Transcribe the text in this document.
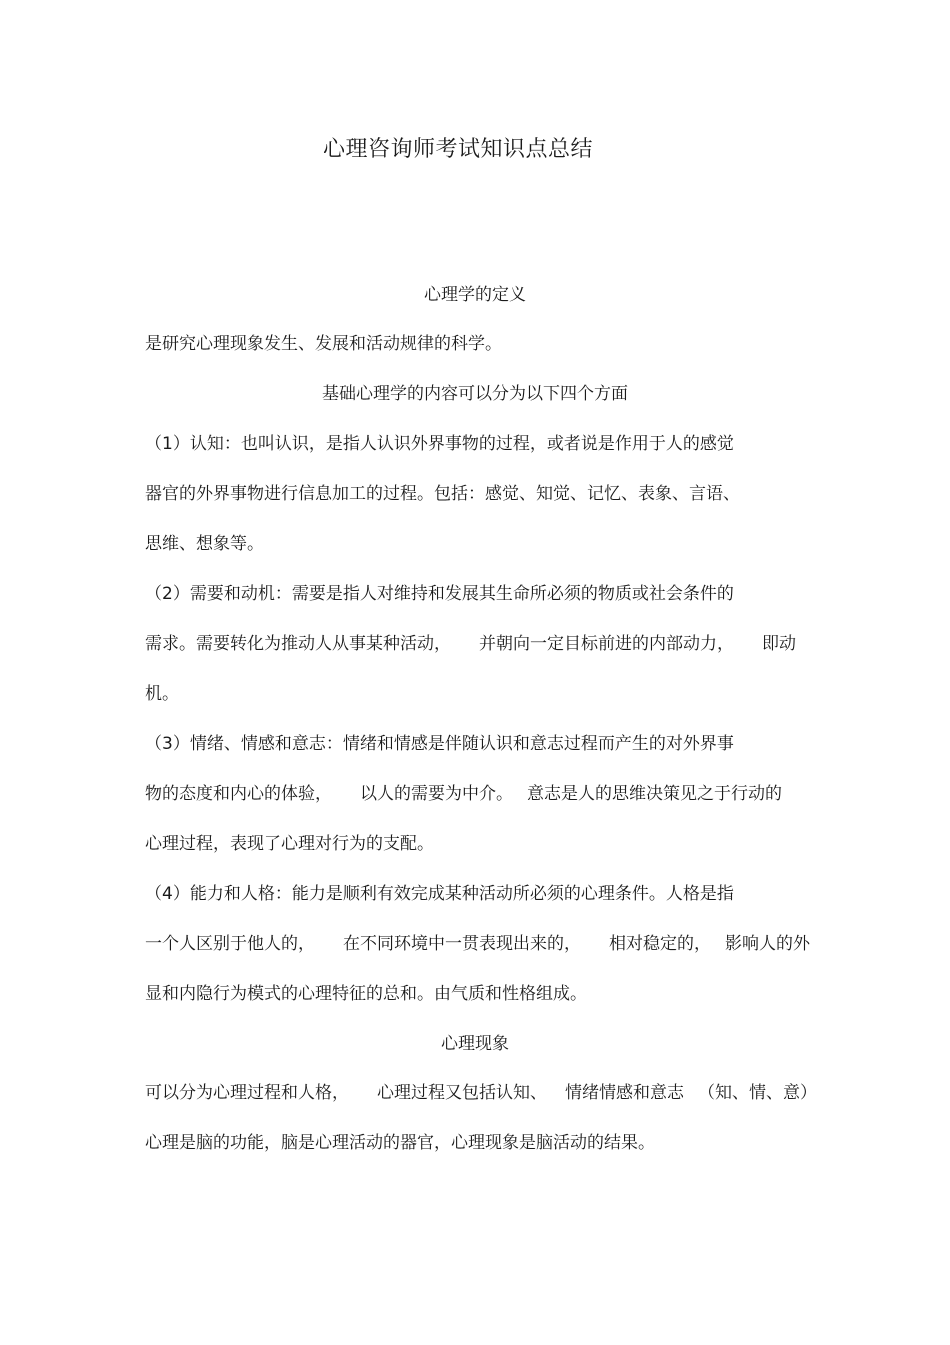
心理咨询师考试知识点总结
心理学的定义
是研究心理现象发生、发展和活动规律的科学。
基础心理学的内容可以分为以下四个方面
（1）认知：也叫认识，是指人认识外界事物的过程，或者说是作用于人的感觉
器官的外界事物进行信息加工的过程。包括：感觉、知觉、记忆、表象、言语、
思维、想象等。
（2）需要和动机：需要是指人对维持和发展其生命所必须的物质或社会条件的
需求。需要转化为推动人从事某种活动， 并朝向一定目标前进的内部动力， 即动
机。
（3）情绪、情感和意志：情绪和情感是伴随认识和意志过程而产生的对外界事
物的态度和内心的体验， 以人的需要为中介。 意志是人的思维决策见之于行动的
心理过程，表现了心理对行为的支配。
（4）能力和人格：能力是顺利有效完成某种活动所必须的心理条件。人格是指
一个人区别于他人的， 在不同环境中一贯表现出来的， 相对稳定的， 影响人的外
显和内隐行为模式的心理特征的总和。由气质和性格组成。
心理现象
可以分为心理过程和人格， 心理过程又包括认知、 情绪情感和意志 （知、情、意）
心理是脑的功能，脑是心理活动的器官，心理现象是脑活动的结果。
